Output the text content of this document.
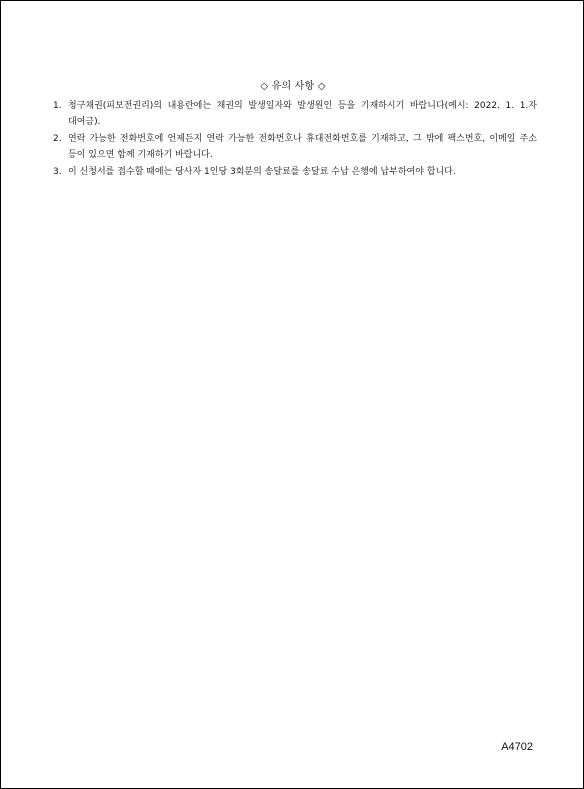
◇ 유의 사항 ◇
1. 청구채권(피보전권리)의 내용란에는 채권의 발생일자와 발생원인 등을 기재하시기 바랍니다(예시: 2022. 1. 1.자 대여금).
2. 연락 가능한 전화번호에 언제든지 연락 가능한 전화번호나 휴대전화번호를 기재하고, 그 밖에 팩스번호, 이메일 주소 등이 있으면 함께 기재하기 바랍니다.
3. 이 신청서를 접수할 때에는 당사자 1인당 3회분의 송달료를 송달료 수납 은행에 납부하여야 합니다.
A4702
